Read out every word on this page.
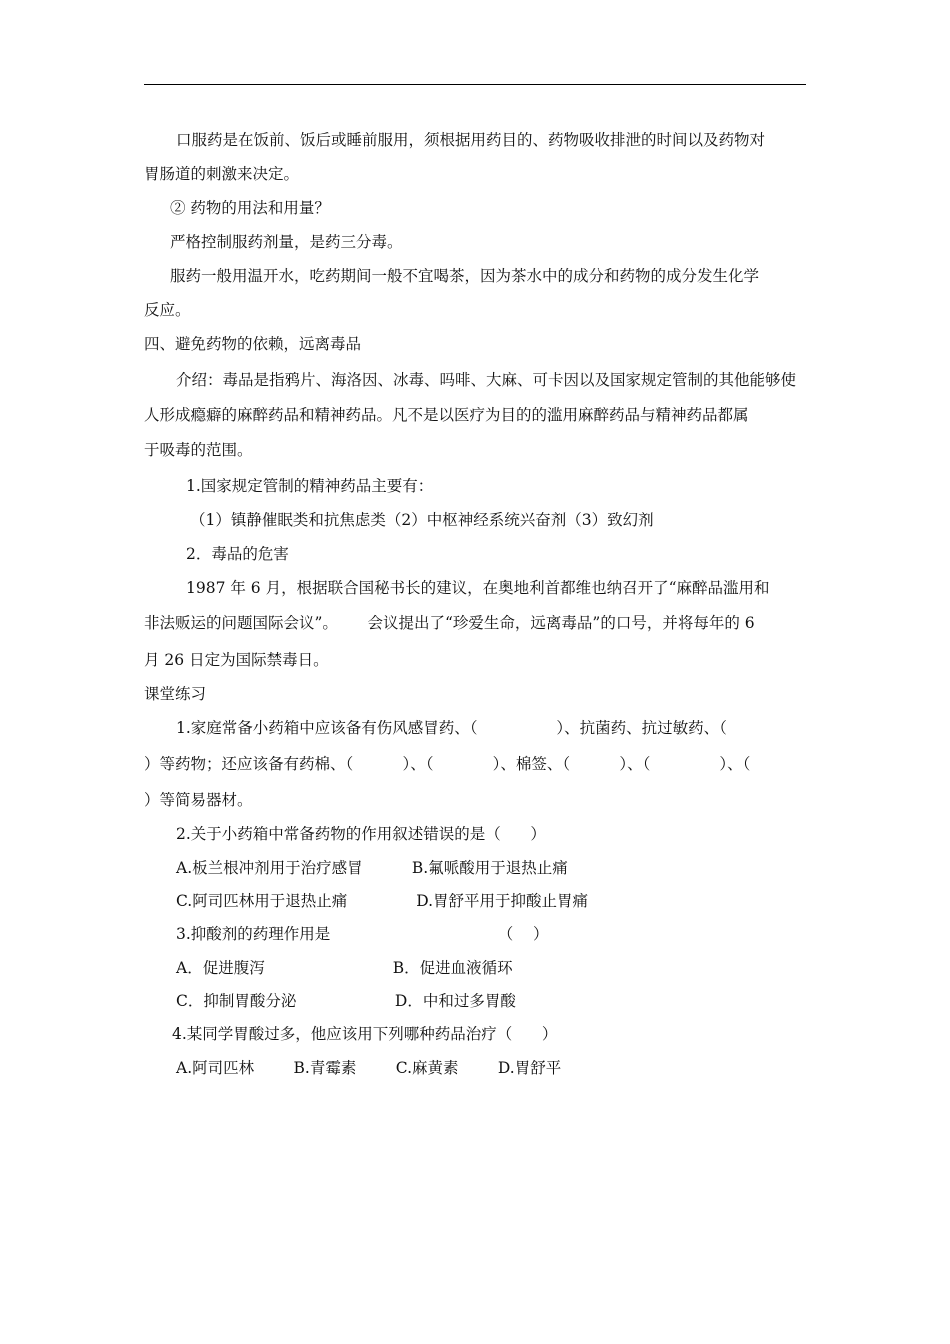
口服药是在饭前、饭后或睡前服用，须根据用药目的、药物吸收排泄的时间以及药物对
胃肠道的刺激来决定。
② 药物的用法和用量？
严格控制服药剂量，是药三分毒。
服药一般用温开水，吃药期间一般不宜喝茶，因为茶水中的成分和药物的成分发生化学
反应。
四、避免药物的依赖，远离毒品
介绍：毒品是指鸦片、海洛因、冰毒、吗啡、大麻、可卡因以及国家规定管制的其他能够使
人形成瘾癖的麻醉药品和精神药品。凡不是以医疗为目的的滥用麻醉药品与精神药品都属
于吸毒的范围。
1.国家规定管制的精神药品主要有：
（1）镇静催眠类和抗焦虑类（2）中枢神经系统兴奋剂（3）致幻剂
2．毒品的危害
1987 年 6 月，根据联合国秘书长的建议，在奥地利首都维也纳召开了“麻醉品滥用和
非法贩运的问题国际会议”。      会议提出了“珍爱生命，远离毒品”的口号，并将每年的 6
月 26 日定为国际禁毒日。
课堂练习
1.家庭常备小药箱中应该备有伤风感冒药、（                ）、抗菌药、抗过敏药、（
）等药物；还应该备有药棉、（          ）、（            ）、棉签、（          ）、（              ）、（
）等简易器材。
2.关于小药箱中常备药物的作用叙述错误的是（      ）
A.板兰根冲剂用于治疗感冒          B.氟哌酸用于退热止痛
C.阿司匹林用于退热止痛              D.胃舒平用于抑酸止胃痛
3.抑酸剂的药理作用是                                  （    ）
A．促进腹泻                          B．促进血液循环
C．抑制胃酸分泌                    D．中和过多胃酸
4.某同学胃酸过多，他应该用下列哪种药品治疗（      ）
A.阿司匹林        B.青霉素        C.麻黄素        D.胃舒平
